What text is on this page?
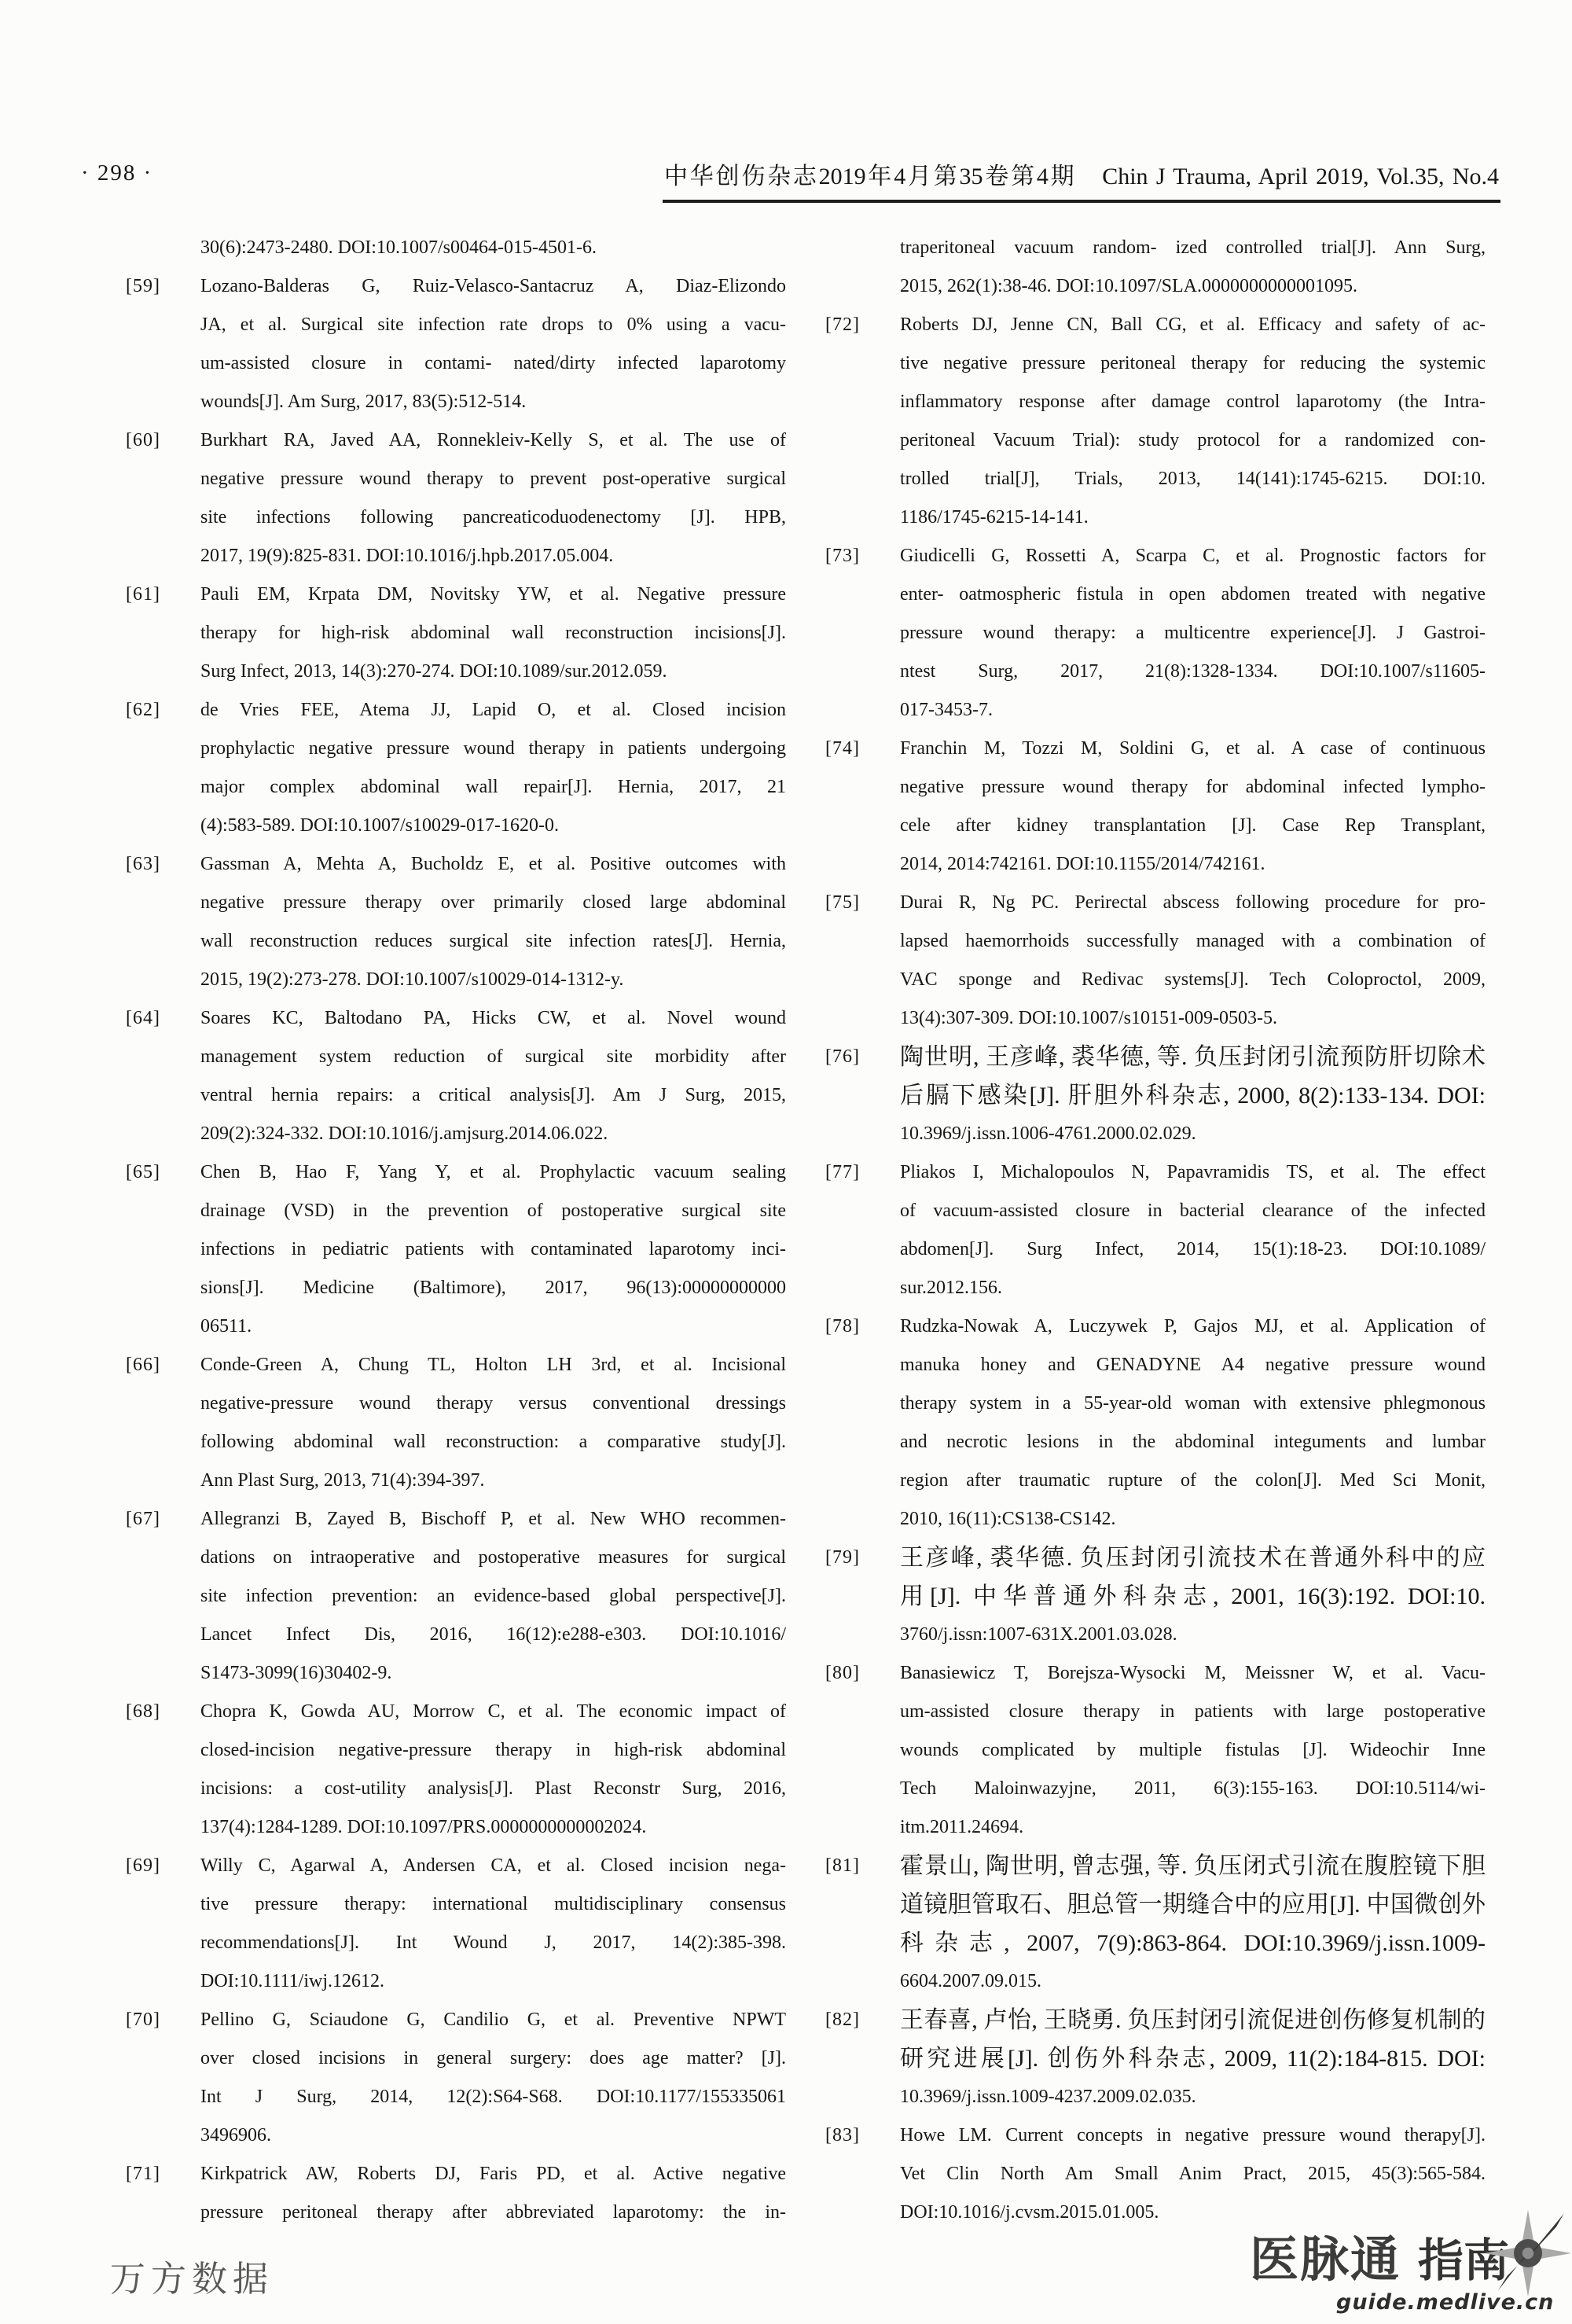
· 298 ·	中华创伤杂志2019年4月第35卷第4期　Chin J Trauma, April 2019, Vol.35, No.4
30(6):2473-2480. DOI:10.1007/s00464-015-4501-6.
[59] Lozano-Balderas G, Ruiz-Velasco-Santacruz A, Diaz-Elizondo
JA, et al. Surgical site infection rate drops to 0% using a vacu-
um-assisted closure in contami- nated/dirty infected laparotomy
wounds[J]. Am Surg, 2017, 83(5):512-514.
[60] Burkhart RA, Javed AA, Ronnekleiv-Kelly S, et al. The use of
negative pressure wound therapy to prevent post-operative surgical
site infections following pancreaticoduodenectomy [J]. HPB,
2017, 19(9):825-831. DOI:10.1016/j.hpb.2017.05.004.
[61] Pauli EM, Krpata DM, Novitsky YW, et al. Negative pressure
therapy for high-risk abdominal wall reconstruction incisions[J].
Surg Infect, 2013, 14(3):270-274. DOI:10.1089/sur.2012.059.
[62] de Vries FEE, Atema JJ, Lapid O, et al. Closed incision
prophylactic negative pressure wound therapy in patients undergoing
major complex abdominal wall repair[J]. Hernia, 2017, 21
(4):583-589. DOI:10.1007/s10029-017-1620-0.
[63] Gassman A, Mehta A, Bucholdz E, et al. Positive outcomes with
negative pressure therapy over primarily closed large abdominal
wall reconstruction reduces surgical site infection rates[J]. Hernia,
2015, 19(2):273-278. DOI:10.1007/s10029-014-1312-y.
[64] Soares KC, Baltodano PA, Hicks CW, et al. Novel wound
management system reduction of surgical site morbidity after
ventral hernia repairs: a critical analysis[J]. Am J Surg, 2015,
209(2):324-332. DOI:10.1016/j.amjsurg.2014.06.022.
[65] Chen B, Hao F, Yang Y, et al. Prophylactic vacuum sealing
drainage (VSD) in the prevention of postoperative surgical site
infections in pediatric patients with contaminated laparotomy inci-
sions[J]. Medicine (Baltimore), 2017, 96(13):00000000000
06511.
[66] Conde-Green A, Chung TL, Holton LH 3rd, et al. Incisional
negative-pressure wound therapy versus conventional dressings
following abdominal wall reconstruction: a comparative study[J].
Ann Plast Surg, 2013, 71(4):394-397.
[67] Allegranzi B, Zayed B, Bischoff P, et al. New WHO recommen-
dations on intraoperative and postoperative measures for surgical
site infection prevention: an evidence-based global perspective[J].
Lancet Infect Dis, 2016, 16(12):e288-e303. DOI:10.1016/
S1473-3099(16)30402-9.
[68] Chopra K, Gowda AU, Morrow C, et al. The economic impact of
closed-incision negative-pressure therapy in high-risk abdominal
incisions: a cost-utility analysis[J]. Plast Reconstr Surg, 2016,
137(4):1284-1289. DOI:10.1097/PRS.0000000000002024.
[69] Willy C, Agarwal A, Andersen CA, et al. Closed incision nega-
tive pressure therapy: international multidisciplinary consensus
recommendations[J]. Int Wound J, 2017, 14(2):385-398.
DOI:10.1111/iwj.12612.
[70] Pellino G, Sciaudone G, Candilio G, et al. Preventive NPWT
over closed incisions in general surgery: does age matter? [J].
Int J Surg, 2014, 12(2):S64-S68. DOI:10.1177/155335061
3496906.
[71] Kirkpatrick AW, Roberts DJ, Faris PD, et al. Active negative
pressure peritoneal therapy after abbreviated laparotomy: the in-
traperitoneal vacuum random- ized controlled trial[J]. Ann Surg,
2015, 262(1):38-46. DOI:10.1097/SLA.0000000000001095.
[72] Roberts DJ, Jenne CN, Ball CG, et al. Efficacy and safety of ac-
tive negative pressure peritoneal therapy for reducing the systemic
inflammatory response after damage control laparotomy (the Intra-
peritoneal Vacuum Trial): study protocol for a randomized con-
trolled trial[J], Trials, 2013, 14(141):1745-6215. DOI:10.
1186/1745-6215-14-141.
[73] Giudicelli G, Rossetti A, Scarpa C, et al. Prognostic factors for
enter- oatmospheric fistula in open abdomen treated with negative
pressure wound therapy: a multicentre experience[J]. J Gastroi-
ntest Surg, 2017, 21(8):1328-1334. DOI:10.1007/s11605-
017-3453-7.
[74] Franchin M, Tozzi M, Soldini G, et al. A case of continuous
negative pressure wound therapy for abdominal infected lympho-
cele after kidney transplantation [J]. Case Rep Transplant,
2014, 2014:742161. DOI:10.1155/2014/742161.
[75] Durai R, Ng PC. Perirectal abscess following procedure for pro-
lapsed haemorrhoids successfully managed with a combination of
VAC sponge and Redivac systems[J]. Tech Coloproctol, 2009,
13(4):307-309. DOI:10.1007/s10151-009-0503-5.
[76] 陶世明, 王彦峰, 裘华德, 等. 负压封闭引流预防肝切除术
后膈下感染[J]. 肝胆外科杂志, 2000, 8(2):133-134. DOI:
10.3969/j.issn.1006-4761.2000.02.029.
[77] Pliakos I, Michalopoulos N, Papavramidis TS, et al. The effect
of vacuum-assisted closure in bacterial clearance of the infected
abdomen[J]. Surg Infect, 2014, 15(1):18-23. DOI:10.1089/
sur.2012.156.
[78] Rudzka-Nowak A, Luczywek P, Gajos MJ, et al. Application of
manuka honey and GENADYNE A4 negative pressure wound
therapy system in a 55-year-old woman with extensive phlegmonous
and necrotic lesions in the abdominal integuments and lumbar
region after traumatic rupture of the colon[J]. Med Sci Monit,
2010, 16(11):CS138-CS142.
[79] 王彦峰, 裘华德. 负压封闭引流技术在普通外科中的应
用[J]. 中华普通外科杂志, 2001, 16(3):192. DOI:10.
3760/j.issn:1007-631X.2001.03.028.
[80] Banasiewicz T, Borejsza-Wysocki M, Meissner W, et al. Vacu-
um-assisted closure therapy in patients with large postoperative
wounds complicated by multiple fistulas [J]. Wideochir Inne
Tech Maloinwazyjne, 2011, 6(3):155-163. DOI:10.5114/wi-
itm.2011.24694.
[81] 霍景山, 陶世明, 曾志强, 等. 负压闭式引流在腹腔镜下胆
道镜胆管取石、胆总管一期缝合中的应用[J]. 中国微创外
科杂志, 2007, 7(9):863-864. DOI:10.3969/j.issn.1009-
6604.2007.09.015.
[82] 王春喜, 卢怡, 王晓勇. 负压封闭引流促进创伤修复机制的
研究进展[J]. 创伤外科杂志, 2009, 11(2):184-815. DOI:
10.3969/j.issn.1009-4237.2009.02.035.
[83] Howe LM. Current concepts in negative pressure wound therapy[J].
Vet Clin North Am Small Anim Pract, 2015, 45(3):565-584.
DOI:10.1016/j.cvsm.2015.01.005.
万方数据	医脉通 指南
guide.medlive.cn
